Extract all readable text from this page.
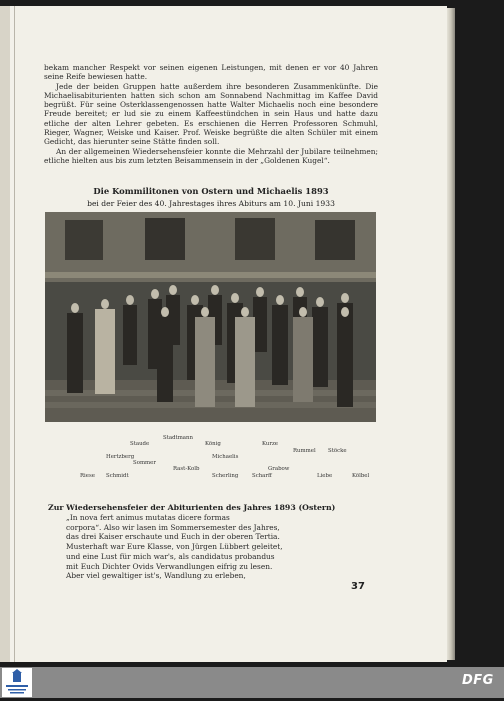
bekam mancher Respekt vor seinen eigenen Leistungen, mit denen er vor 40 Jahren seine Reife bewiesen hatte.

Jede der beiden Gruppen hatte außerdem ihre besonderen Zusammenkünfte. Die Michaelisabiturienten hatten sich schon am Sonnabend Nachmittag im Kaffee David begrüßt. Für seine Osterklassengenossen hatte Walter Michaelis noch eine besondere Freude bereitet; er lud sie zu einem Kaffeestündchen in sein Haus und hatte dazu etliche der alten Lehrer gebeten. Es erschienen die Herren Professoren Schmuhl, Rieger, Wagner, Weiske und Kaiser. Prof. Weiske begrüßte die alten Schüler mit einem Gedicht, das hierunter seine Stätte finden soll.

An der allgemeinen Wiedersehensfeier konnte die Mehrzahl der Jubilare teilnehmen; etliche hielten aus bis zum letzten Beisammensein in der „Goldenen Kugel“.

Die Kommilitonen von Ostern und Michaelis 1893
bei der Feier des 40. Jahrestages ihres Abiturs am 10. Juni 1933
Stadtmann
Staude	König	Kurze
Rummel Stöcke
Hertzberg	Michaelis
Sommer
Rast-Kolb	Grabow
Riese Schmidt	Scherling	Scharff	Liebe	Kölbel
Zur Wiedersehensfeier der Abiturienten des Jahres 1893 (Ostern)

„In nova fert animus mutatas dicere formas

corpora“. Also wir lasen im Sommersemester des Jahres,

das drei Kaiser erschaute und Euch in der oberen Tertia.

Musterhaft war Eure Klasse, von Jürgen Lübbert geleitet,

und eine Lust für mich war's, als candidatus probandus

mit Euch Dichter Ovids Verwandlungen eifrig zu lesen.

Aber viel gewaltiger ist's, Wandlung zu erleben,

37
DFG
